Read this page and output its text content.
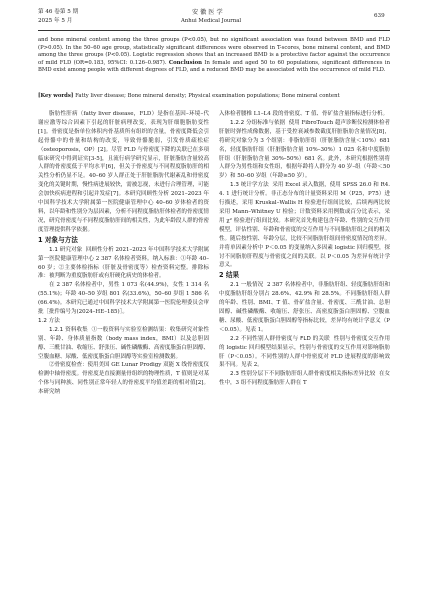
第 46 卷第 5 期
2025 年 5 月
安 徽 医 学
Anhui Medical Journal
639
and bone mineral content among the three groups (P<0.05), but no significant association was found between BMD and FLD (P>0.05). In the 50–60 age group, statistically significant differences were observed in T-scores, bone mineral content, and BMD among the three groups (P<0.05). Logistic regression shows that an increased BMD is a protective factor against the occurrence of mild FLD (OR=0.183, 95%CI: 0.126–0.987). Conclusion In female and aged 50 to 60 populations, significant differences in BMD exist among people with different degrees of FLD, and a reduced BMD may be associated with the occurrence of mild FLD.
[Key words] Fatty liver disease; Bone mineral density; Physical examination populations; Bone mineral content

脂肪性肝病（fatty liver disease，FLD）是指在基因–环境–代谢应激等综合因素下引起的肝脏病理改变，表现为肝细胞脂肪变性[1]。骨密度是指单位体积内骨基质所有组织的含量，骨密度降低会引起骨骼中的骨量和结构的改变，导致骨骼脆弱，引发骨质疏松症（osteoporosis，OP）[2]。尽管 FLD 与骨密度下降的关联已在多项临床研究中得到证实[3-5]，且流行病学研究显示，肝脏脂肪含量较高人群的骨密度低于平均水平[6]，但关于骨密度与不同程度脂肪肝的相关性分析仍显不足。40–60 岁人群正处于肝脏脂肪代谢紊乱和骨密度变化的关键时期，慢性病进展较快，需被怎视，未进行合理管理，可能会加快疾病进程和引起并发症[7]。本研究回顾性分析 2021–2023 年中国科学技术大学附属第一医院健康管理中心 40–60 岁体检者的资料，以年龄和性别分为层因素，分析不同程度脂肪肝体检者的骨密度情况，研究骨密度与不同程度脂肪肝间的相关性，为此年龄段人群的骨密度管理提供科学依据。

1 对象与方法

1.1 研究对象 回顾性分析 2021–2023 年中国科学技术大学附属第一医院健康管理中心 2 387 名体检者资料。纳入标准：①年龄 40–60 岁；②主要体检指标（肝脏及骨密度等）检查资料完整。排除标准：被判断为重度脂肪肝或有肝硬化病史的体检者。

在 2 387 名体检者中，男性 1 073 名(44.9%)，女性 1 314 名(55.1%)；年龄 40–50 岁组 801 名(33.6%)，50–60 岁组 1 586 名(66.4%)。本研究已通过中国科学技术大学附属第一医院伦理委员会审批［批件编号为(2024–HE–185)］。

1.2 方法

1.2.1 资料收集 ①一般资料与实验室检测结果：收集研究对象性别、年龄、身体质量指数（body mass index，BMI）以及总胆固醇、三酰甘油、收缩压、舒张压、碱性磷酸酶、高密度脂蛋白胆固醇、空腹血糖、尿酸、低密度脂蛋白胆固醇等实验室检测数据。

②骨密度检查：使用美国 GE Lunar Prodigy 双能 X 线骨密度仪检测中轴骨密度。骨密度是直接测量骨组织的物理性质，T 值则是对某个体与同种族、同性别正常年轻人的骨密度平均值差距的相对值[2]。本研究纳

入体检者腰椎 L1–L4 段的骨密度、T 值、骨矿盐含量指标进行分析。

1.2.2 分组标准与依据 使用 FibroTouch 超声诊断仪检测体检者肝脏时弹性成像数据，基于受控衰减参数截度肝脏脂肪含量情况[8]，将研究对象分为 3 个组别：非脂肪肝组（肝脏脂肪含量＜10%）681 名，轻度脂肪肝组（肝脏脂肪含量 10%–30%）1 025 名和中度脂肪肝组（肝脏脂肪含量 30%–50%）681 名。此外，本研究根据性别将人群分为男性组和女性组，根据年龄将人群分为 40 岁–组（年龄＜50 岁）和 50–60 岁组（年龄≥50 岁）。

1.3 统计学方法 采用 Excel 录入数据，使用 SPSS 26.0 和 R4. 4. 1 进行统计分析。非正态分布的计量资料采用 M（P25，P75）进行描述，采用 Kruskal–Wallis H 检验进行组间比较，后续两两比较采用 Mann–Whitney U 检验；计数资料采用例数或百分比表示，采用 χ² 检验进行组间比较。本研究首先构建包含年龄、性别的交互作用模型，评估性别、年龄和骨密度的交互作用与不同脂肪肝组之间的相关性。随后按性别、年龄分层，比较不同脂肪肝组间骨密度情况的差异。并将单因素分析中 P＜0.05 的变量纳入多因素 logistic 回归模型，探讨不同脂肪肝程度与骨密度之间的关联。以 P＜0.05 为差异有统计学意义。

2 结果

2.1 一般情况 2 387 名体检者中，非脂肪肝组、轻度脂肪肝组和中度脂肪肝组分别占 28.6%、42.9% 和 28.5%。不同脂肪肝组人群的年龄、性别、BMI、T 值、骨矿盐含量、骨密度、三酰甘油、总胆固醇、碱性磷酸酶、收缩压、舒张压、高密度脂蛋白胆固醇、空腹血糖、尿酸、低密度脂蛋白胆固醇等指标比较，差异均有统计学意义（P＜0.05）。见表 1。

2.2 不同性别人群骨密度与 FLD 的关联 性别与骨密度交互作用的 logistic 回归模型结果显示，性别与骨密度的交互作用对影响脂肪肝（P＜0.05）。不同性别的人群中骨密度对 FLD 进展程度的影响效果不同。见表 2。

2.3 性别分层下不同脂肪肝组人群骨密度相关指标差异比较 在女性中，3 组不同程度脂肪肝人群在 T
